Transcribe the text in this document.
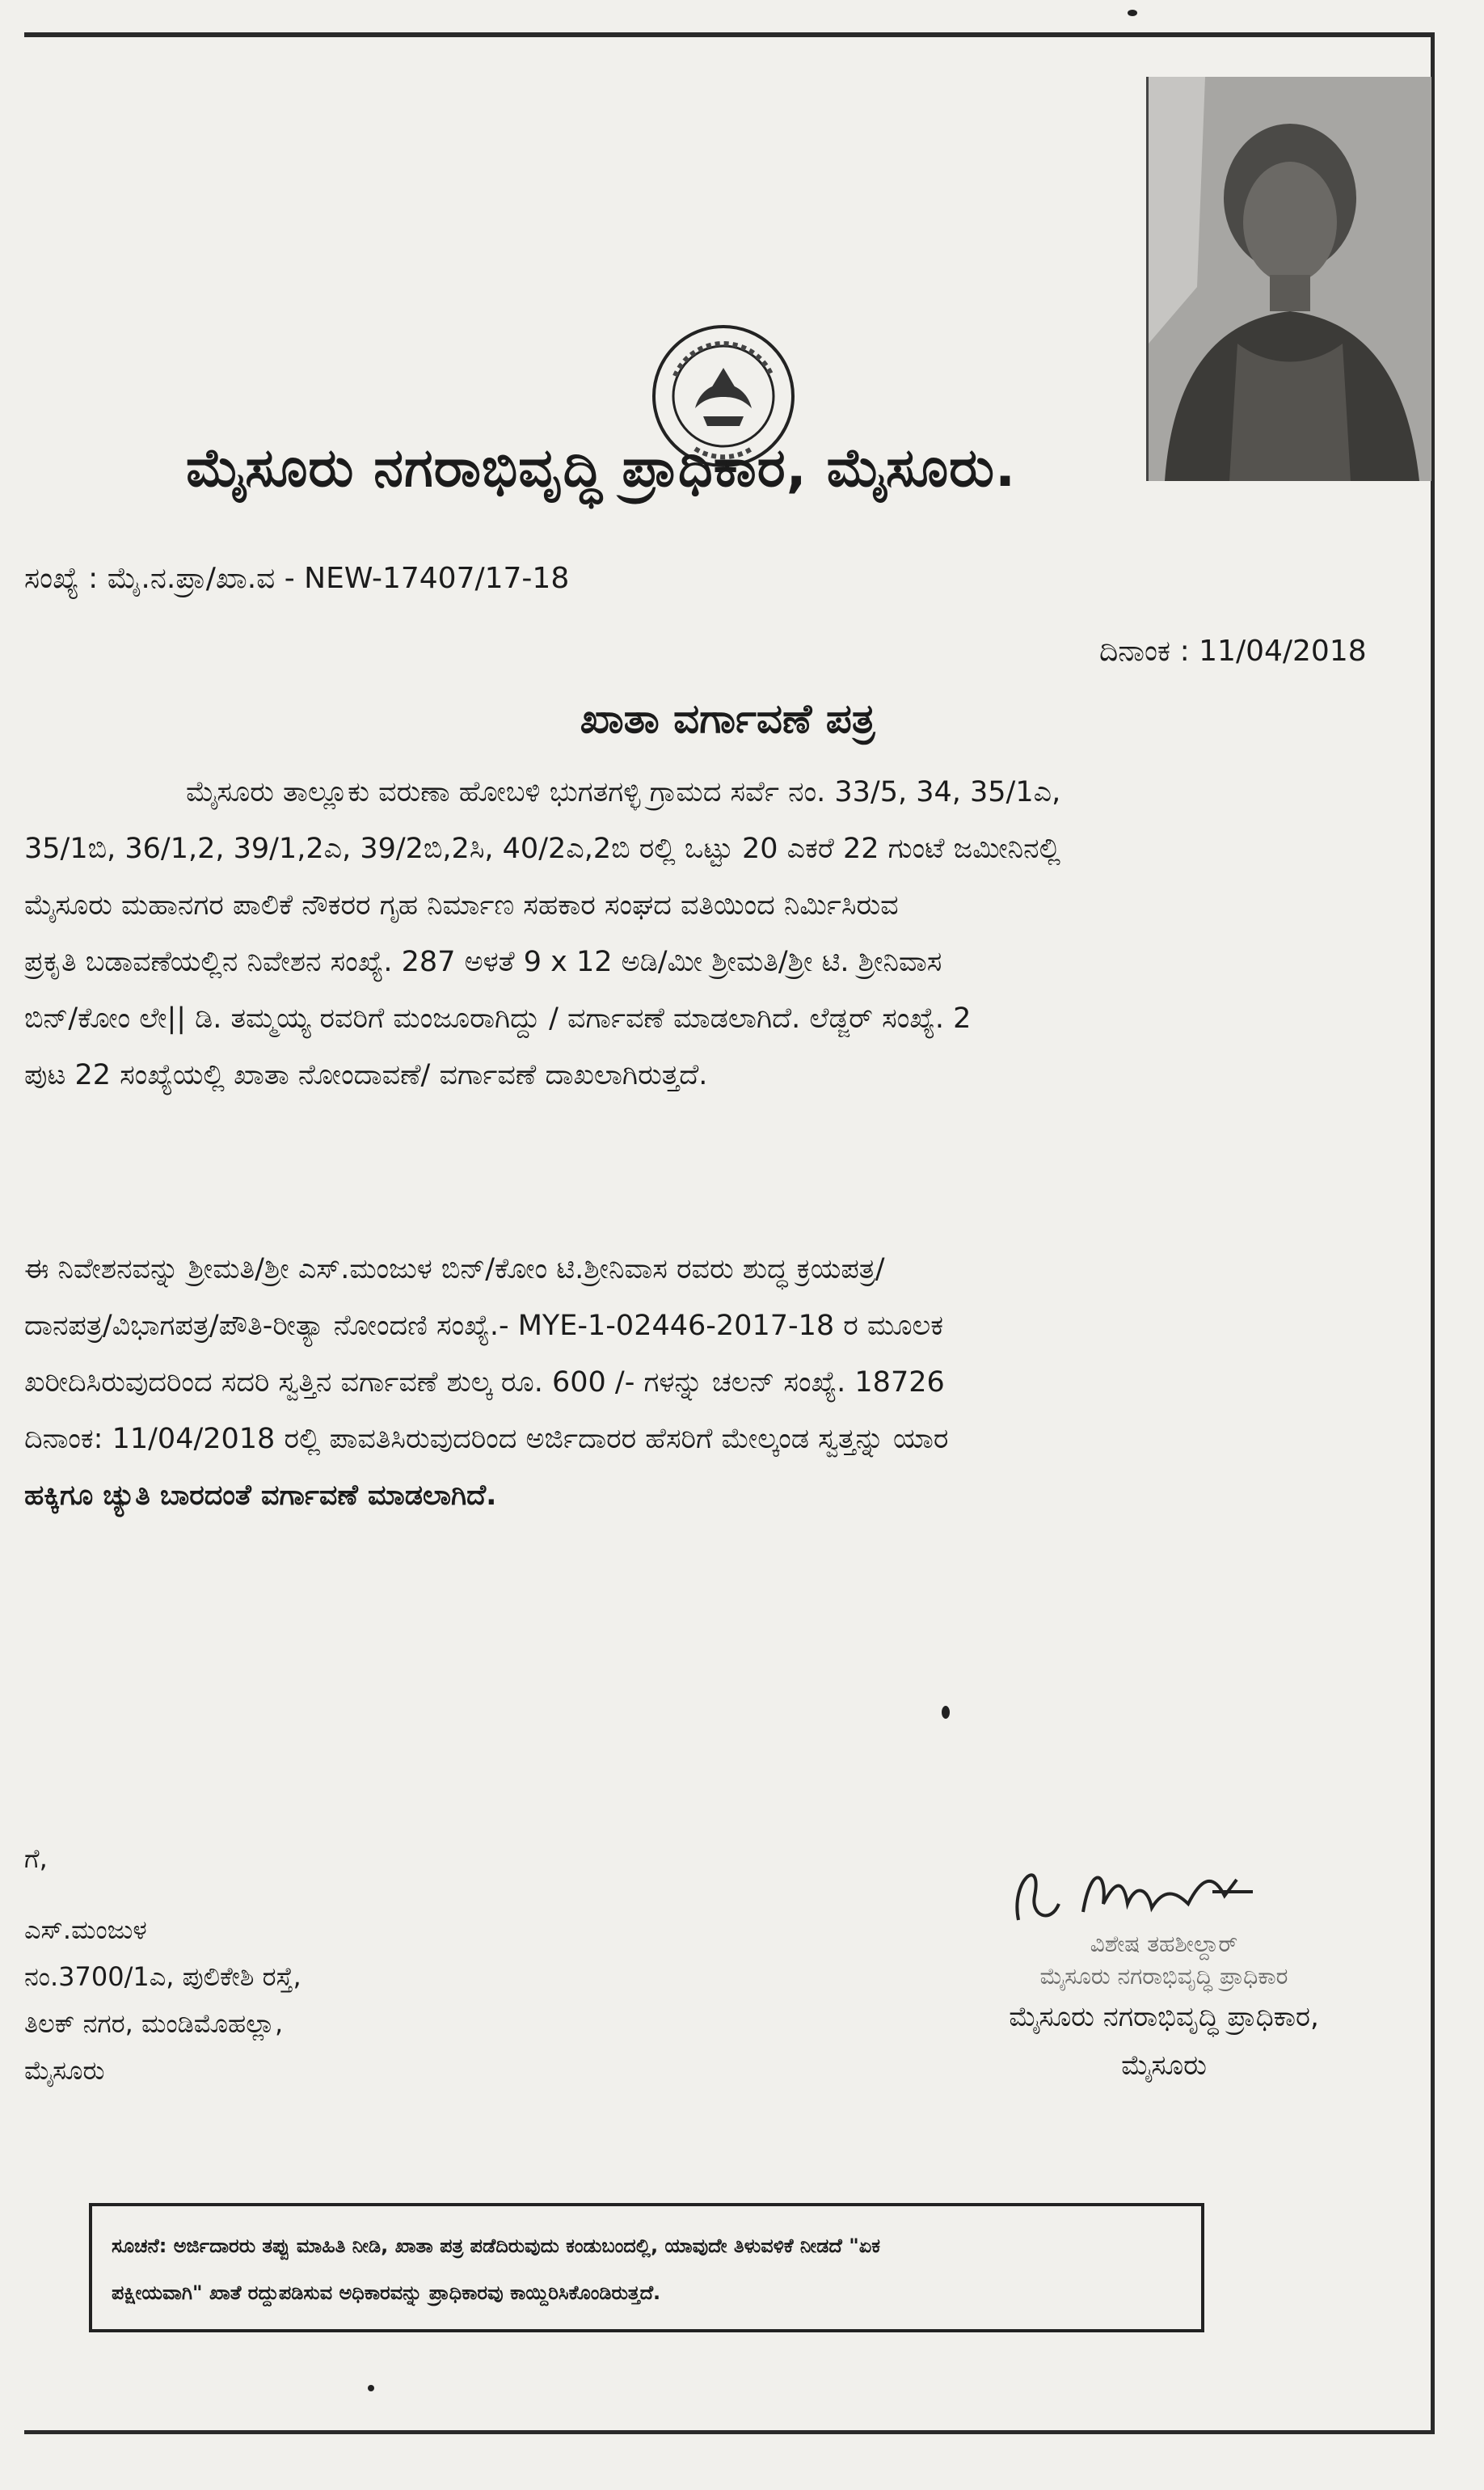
ಮೈಸೂರು ನಗರಾಭಿವೃದ್ಧಿ ಪ್ರಾಧಿಕಾರ, ಮೈಸೂರು.
ಸಂಖ್ಯೆ : ಮೈ.ನ.ಪ್ರಾ/ಖಾ.ವ - NEW-17407/17-18
ದಿನಾಂಕ : 11/04/2018
ಖಾತಾ ವರ್ಗಾವಣೆ ಪತ್ರ
ಮೈಸೂರು ತಾಲ್ಲೂಕು ವರುಣಾ ಹೋಬಳಿ ಭುಗತಗಳ್ಳಿ ಗ್ರಾಮದ ಸರ್ವೆ ನಂ. 33/5, 34, 35/1ಎ,
35/1ಬಿ, 36/1,2, 39/1,2ಎ, 39/2ಬಿ,2ಸಿ, 40/2ಎ,2ಬಿ ರಲ್ಲಿ ಒಟ್ಟು 20 ಎಕರೆ 22 ಗುಂಟೆ ಜಮೀನಿನಲ್ಲಿ
ಮೈಸೂರು ಮಹಾನಗರ ಪಾಲಿಕೆ ನೌಕರರ ಗೃಹ ನಿರ್ಮಾಣ ಸಹಕಾರ ಸಂಘದ ವತಿಯಿಂದ ನಿರ್ಮಿಸಿರುವ
ಪ್ರಕೃತಿ ಬಡಾವಣೆಯಲ್ಲಿನ ನಿವೇಶನ ಸಂಖ್ಯೆ. 287 ಅಳತೆ 9 x 12 ಅಡಿ/ಮೀ ಶ್ರೀಮತಿ/ಶ್ರೀ ಟಿ. ಶ್ರೀನಿವಾಸ
ಬಿನ್/ಕೋಂ ಲೇ|| ಡಿ. ತಮ್ಮಯ್ಯ ರವರಿಗೆ ಮಂಜೂರಾಗಿದ್ದು / ವರ್ಗಾವಣೆ ಮಾಡಲಾಗಿದೆ. ಲೆಡ್ಜರ್ ಸಂಖ್ಯೆ. 2
ಪುಟ 22 ಸಂಖ್ಯೆಯಲ್ಲಿ ಖಾತಾ ನೋಂದಾವಣೆ/ ವರ್ಗಾವಣೆ ದಾಖಲಾಗಿರುತ್ತದೆ.
ಈ ನಿವೇಶನವನ್ನು ಶ್ರೀಮತಿ/ಶ್ರೀ ಎಸ್.ಮಂಜುಳ ಬಿನ್/ಕೋಂ ಟಿ.ಶ್ರೀನಿವಾಸ ರವರು ಶುದ್ಧ ಕ್ರಯಪತ್ರ/
ದಾನಪತ್ರ/ವಿಭಾಗಪತ್ರ/ಪೌತಿ-ರೀತ್ಯಾ ನೋಂದಣಿ ಸಂಖ್ಯೆ.- MYE-1-02446-2017-18 ರ ಮೂಲಕ
ಖರೀದಿಸಿರುವುದರಿಂದ ಸದರಿ ಸ್ವತ್ತಿನ ವರ್ಗಾವಣೆ ಶುಲ್ಕ ರೂ. 600 /- ಗಳನ್ನು ಚಲನ್ ಸಂಖ್ಯೆ. 18726
ದಿನಾಂಕ: 11/04/2018 ರಲ್ಲಿ ಪಾವತಿಸಿರುವುದರಿಂದ ಅರ್ಜಿದಾರರ ಹೆಸರಿಗೆ ಮೇಲ್ಕಂಡ ಸ್ವತ್ತನ್ನು ಯಾರ
ಹಕ್ಕಿಗೂ ಚ್ಯುತಿ ಬಾರದಂತೆ ವರ್ಗಾವಣೆ ಮಾಡಲಾಗಿದೆ.
ಗೆ,
ಎಸ್.ಮಂಜುಳ
ನಂ.3700/1ಎ, ಪುಲಿಕೇಶಿ ರಸ್ತೆ,
ತಿಲಕ್ ನಗರ, ಮಂಡಿಮೊಹಲ್ಲಾ,
ಮೈಸೂರು
ವಿಶೇಷ ತಹಶೀಲ್ದಾರ್
ಮೈಸೂರು ನಗರಾಭಿವೃದ್ಧಿ ಪ್ರಾಧಿಕಾರ
ಮೈಸೂರು ನಗರಾಭಿವೃದ್ಧಿ ಪ್ರಾಧಿಕಾರ,
ಮೈಸೂರು
ಸೂಚನೆ: ಅರ್ಜಿದಾರರು ತಪ್ಪು ಮಾಹಿತಿ ನೀಡಿ, ಖಾತಾ ಪತ್ರ ಪಡೆದಿರುವುದು ಕಂಡುಬಂದಲ್ಲಿ, ಯಾವುದೇ ತಿಳುವಳಿಕೆ ನೀಡದೆ "ಏಕ
ಪಕ್ಷೀಯವಾಗಿ" ಖಾತೆ ರದ್ದುಪಡಿಸುವ ಅಧಿಕಾರವನ್ನು ಪ್ರಾಧಿಕಾರವು ಕಾಯ್ದಿರಿಸಿಕೊಂಡಿರುತ್ತದೆ.
